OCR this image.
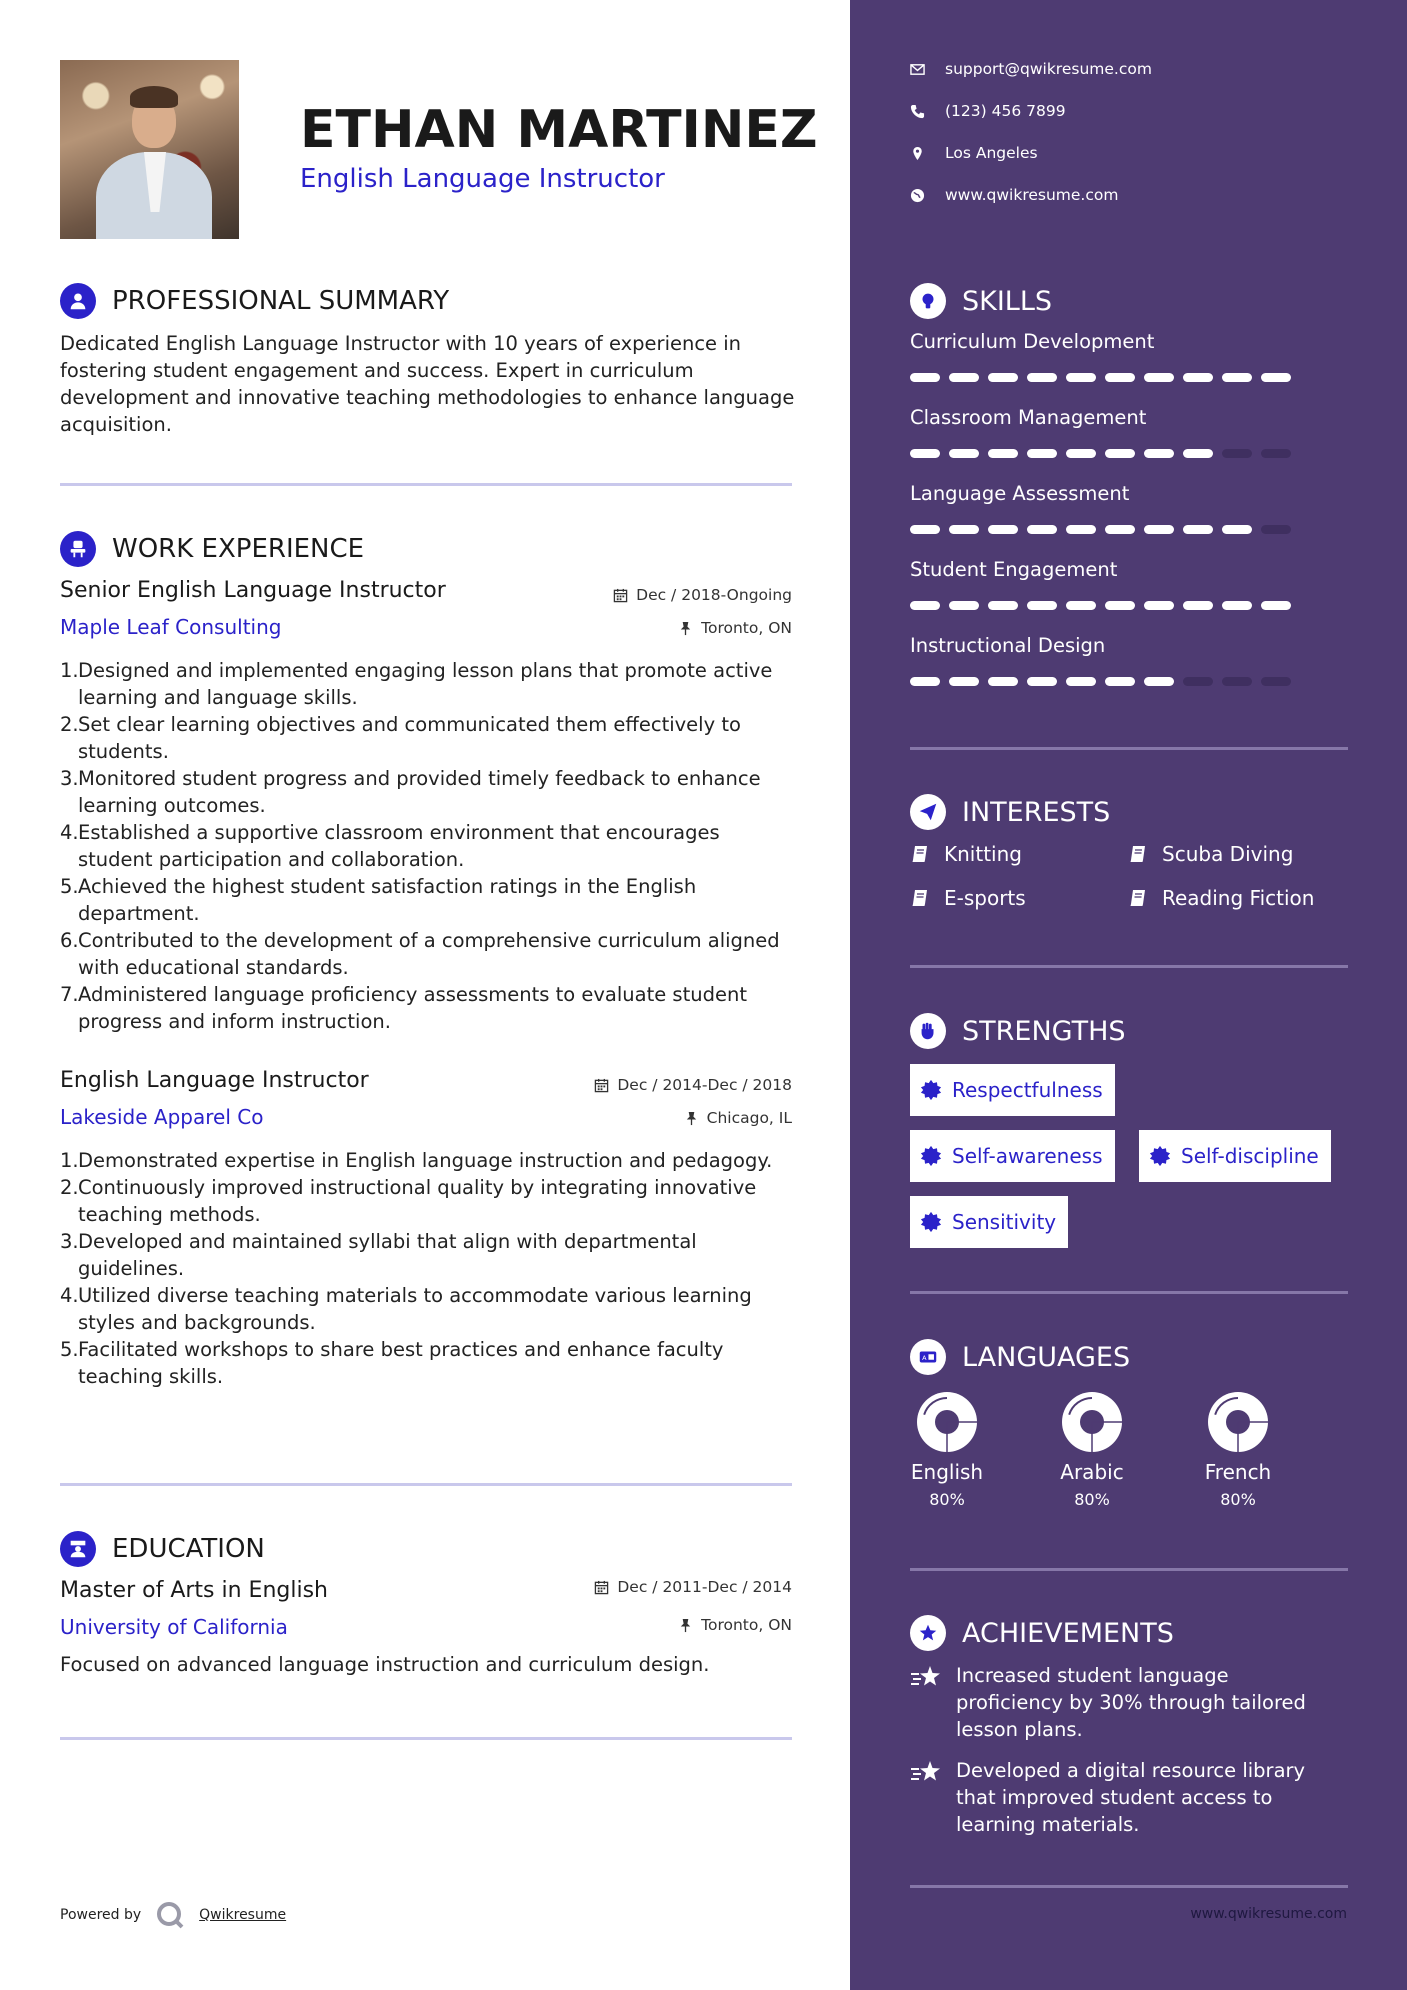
ETHAN MARTINEZ
English Language Instructor
PROFESSIONAL SUMMARY
Dedicated English Language Instructor with 10 years of experience in fostering student engagement and success. Expert in curriculum development and innovative teaching methodologies to enhance language acquisition.
WORK EXPERIENCE
Senior English Language Instructor
Maple Leaf Consulting
Dec / 2018-Ongoing
Toronto, ON
1. Designed and implemented engaging lesson plans that promote active learning and language skills.
2. Set clear learning objectives and communicated them effectively to students.
3. Monitored student progress and provided timely feedback to enhance learning outcomes.
4. Established a supportive classroom environment that encourages student participation and collaboration.
5. Achieved the highest student satisfaction ratings in the English department.
6. Contributed to the development of a comprehensive curriculum aligned with educational standards.
7. Administered language proficiency assessments to evaluate student progress and inform instruction.
English Language Instructor
Lakeside Apparel Co
Dec / 2014-Dec / 2018
Chicago, IL
1. Demonstrated expertise in English language instruction and pedagogy.
2. Continuously improved instructional quality by integrating innovative teaching methods.
3. Developed and maintained syllabi that align with departmental guidelines.
4. Utilized diverse teaching materials to accommodate various learning styles and backgrounds.
5. Facilitated workshops to share best practices and enhance faculty teaching skills.
EDUCATION
Master of Arts in English
University of California
Dec / 2011-Dec / 2014
Toronto, ON
Focused on advanced language instruction and curriculum design.
Powered by	Qwikresume
support@qwikresume.com
(123) 456 7899
Los Angeles
www.qwikresume.com
SKILLS
Curriculum Development
Classroom Management
Language Assessment
Student Engagement
Instructional Design
INTERESTS
Knitting	Scuba Diving
E-sports	Reading Fiction
STRENGTHS
Respectfulness
Self-awareness	Self-discipline
Sensitivity
A LANGUAGES
English
80%
Arabic
80%
French
80%
ACHIEVEMENTS
Increased student language proficiency by 30% through tailored lesson plans.
Developed a digital resource library that improved student access to learning materials.
www.qwikresume.com
